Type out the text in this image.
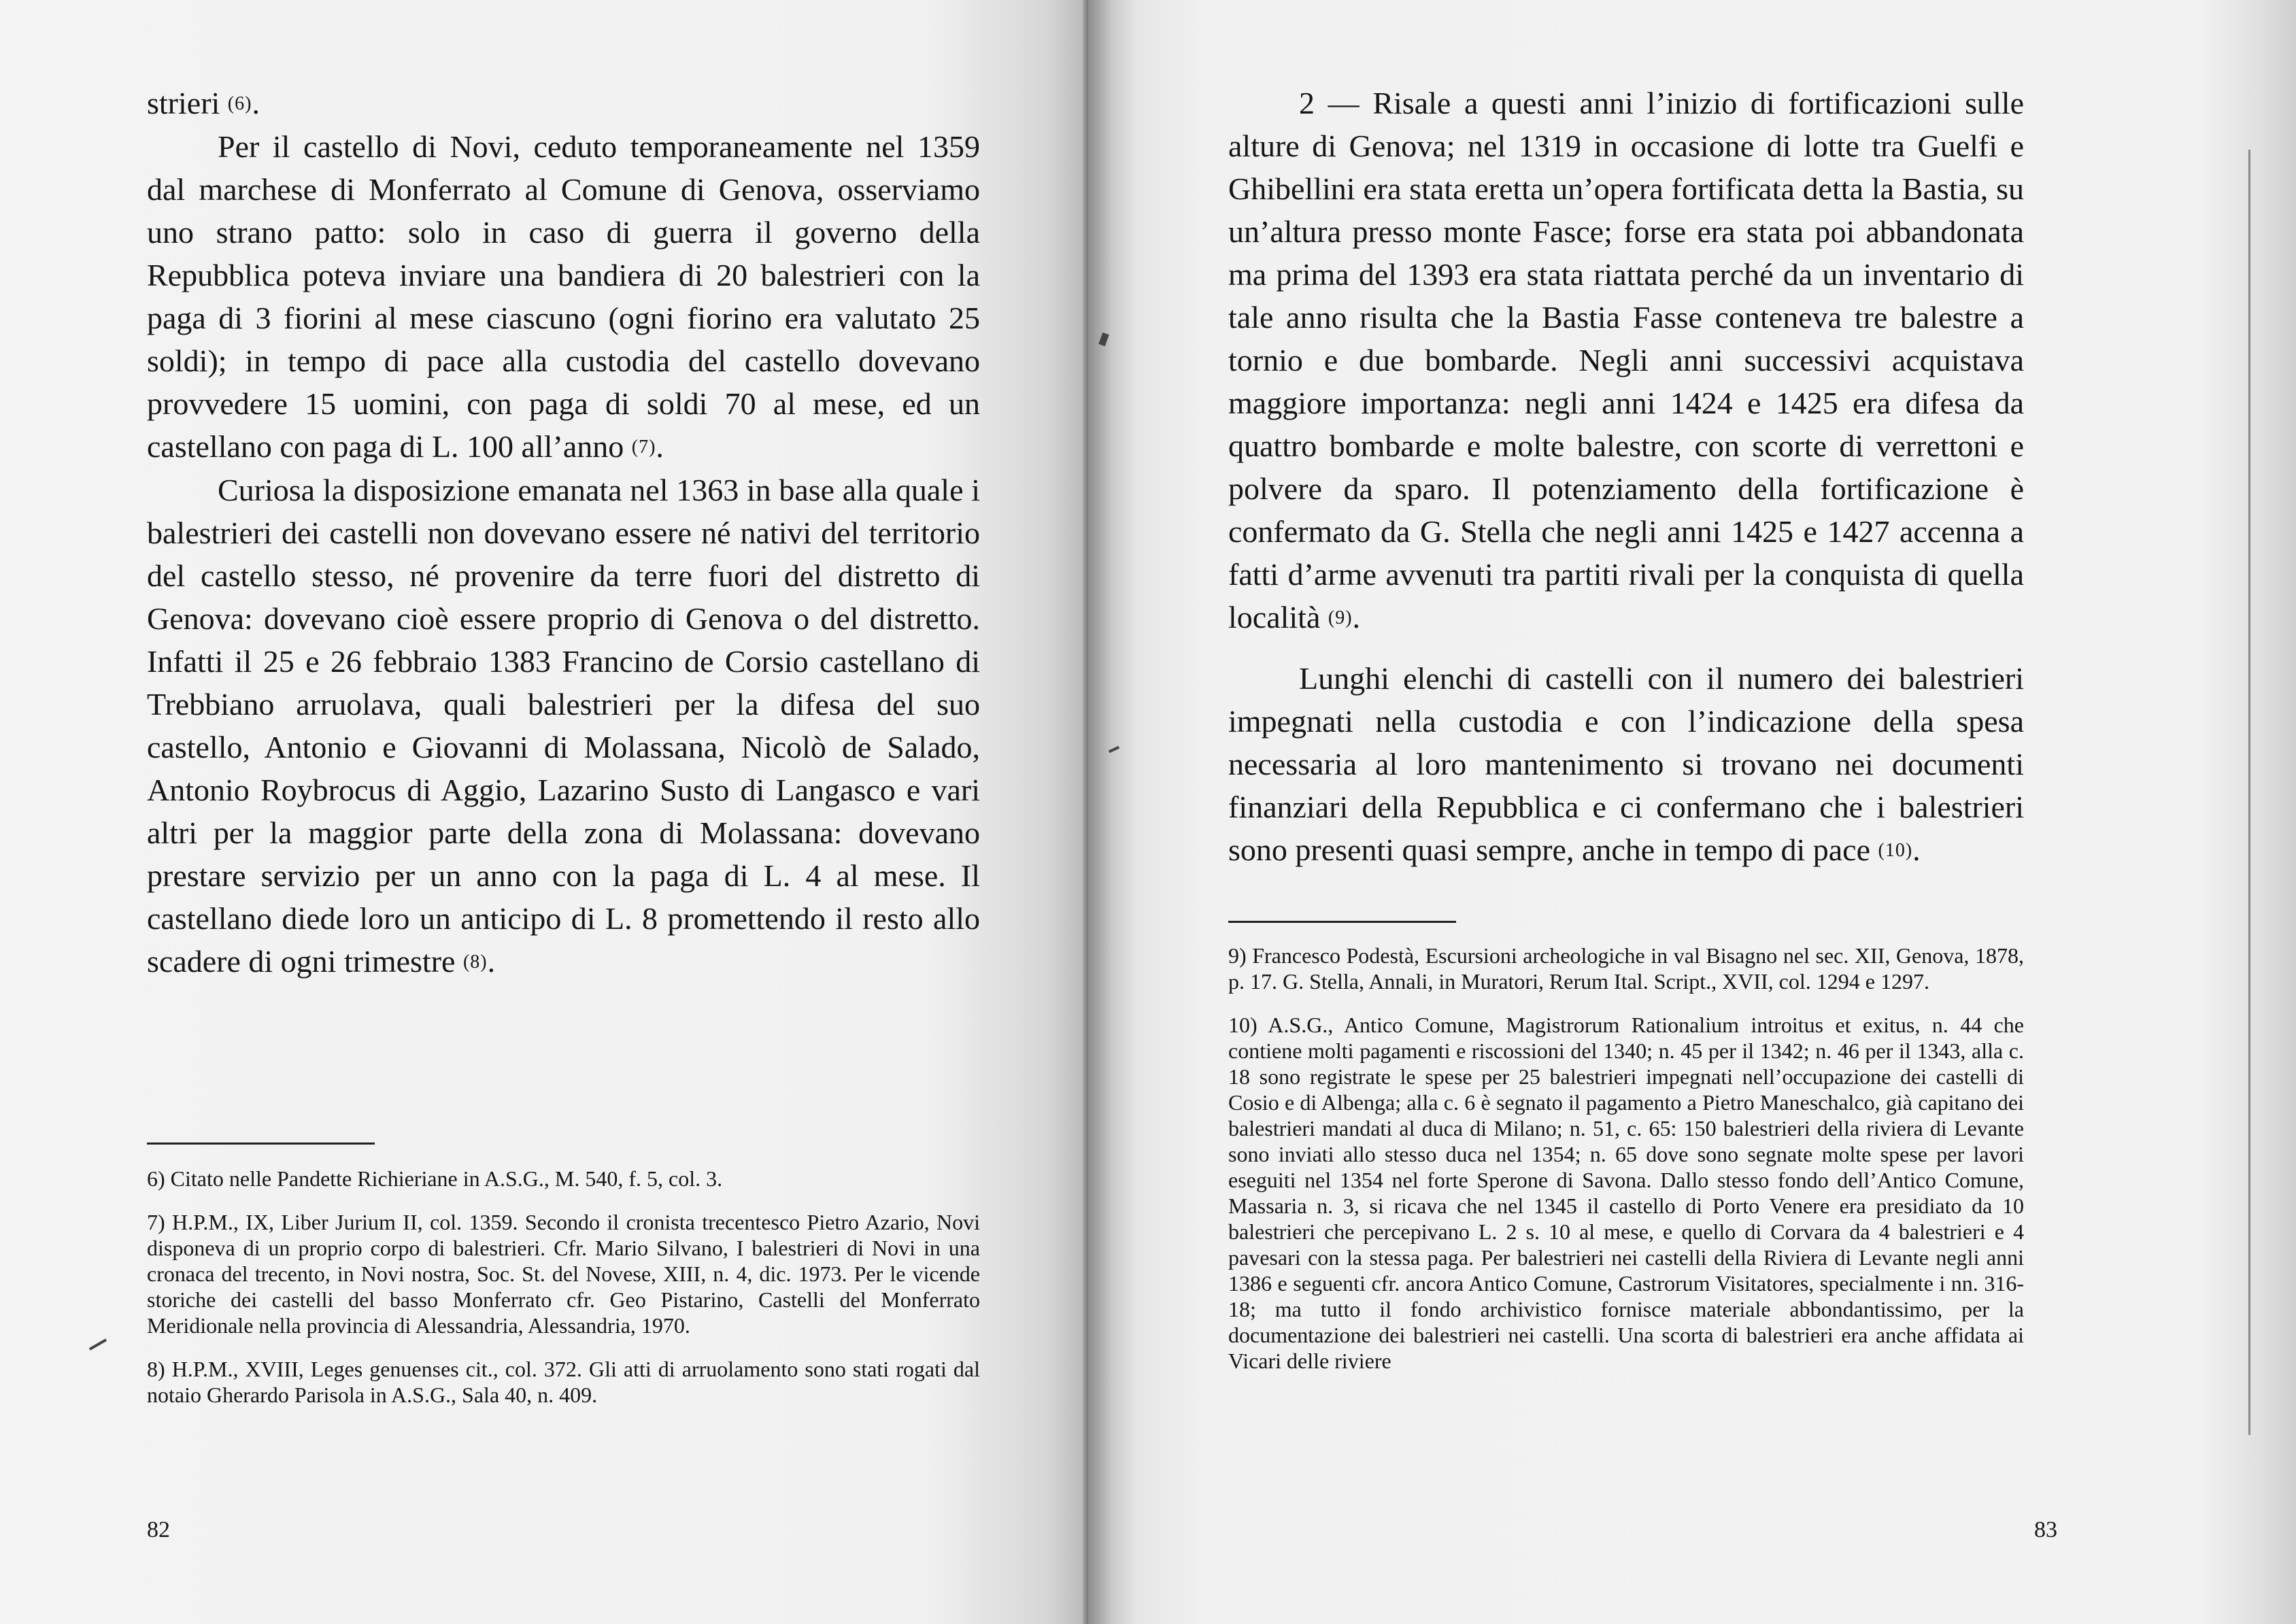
strieri (6).

Per il castello di Novi, ceduto temporaneamente nel 1359 dal marchese di Monferrato al Comune di Genova, osserviamo uno strano patto: solo in caso di guerra il governo della Repubblica poteva inviare una bandiera di 20 balestrieri con la paga di 3 fiorini al mese ciascuno (ogni fiorino era valutato 25 soldi); in tempo di pace alla custodia del castello dovevano provvedere 15 uomini, con paga di soldi 70 al mese, ed un castellano con paga di L. 100 all’anno (7).

Curiosa la disposizione emanata nel 1363 in base alla quale i balestrieri dei castelli non dovevano essere né nativi del territorio del castello stesso, né provenire da terre fuori del distretto di Genova: dovevano cioè essere proprio di Genova o del distretto. Infatti il 25 e 26 febbraio 1383 Francino de Corsio castellano di Trebbiano arruolava, quali balestrieri per la difesa del suo castello, Antonio e Giovanni di Molassana, Nicolò de Salado, Antonio Roybrocus di Aggio, Lazarino Susto di Langasco e vari altri per la maggior parte della zona di Molassana: dovevano prestare servizio per un anno con la paga di L. 4 al mese. Il castellano diede loro un anticipo di L. 8 promettendo il resto allo scadere di ogni trimestre (8).

6) Citato nelle Pandette Richieriane in A.S.G., M. 540, f. 5, col. 3.

7) H.P.M., IX, Liber Jurium II, col. 1359. Secondo il cronista trecentesco Pietro Azario, Novi disponeva di un proprio corpo di balestrieri. Cfr. Mario Silvano, I balestrieri di Novi in una cronaca del trecento, in Novi nostra, Soc. St. del Novese, XIII, n. 4, dic. 1973. Per le vicende storiche dei castelli del basso Monferrato cfr. Geo Pistarino, Castelli del Monferrato Meridionale nella provincia di Alessandria, Alessandria, 1970.

8) H.P.M., XVIII, Leges genuenses cit., col. 372. Gli atti di arruolamento sono stati rogati dal notaio Gherardo Parisola in A.S.G., Sala 40, n. 409.

82

2 — Risale a questi anni l’inizio di fortificazioni sulle alture di Genova; nel 1319 in occasione di lotte tra Guelfi e Ghibellini era stata eretta un’opera fortificata detta la Bastia, su un’altura presso monte Fasce; forse era stata poi abbandonata ma prima del 1393 era stata riattata perché da un inventario di tale anno risulta che la Bastia Fasse conteneva tre balestre a tornio e due bombarde. Negli anni successivi acquistava maggiore importanza: negli anni 1424 e 1425 era difesa da quattro bombarde e molte balestre, con scorte di verrettoni e polvere da sparo. Il potenziamento della fortificazione è confermato da G. Stella che negli anni 1425 e 1427 accenna a fatti d’arme avvenuti tra partiti rivali per la conquista di quella località (9).

Lunghi elenchi di castelli con il numero dei balestrieri impegnati nella custodia e con l’indicazione della spesa necessaria al loro mantenimento si trovano nei documenti finanziari della Repubblica e ci confermano che i balestrieri sono presenti quasi sempre, anche in tempo di pace (10).

9) Francesco Podestà, Escursioni archeologiche in val Bisagno nel sec. XII, Genova, 1878, p. 17. G. Stella, Annali, in Muratori, Rerum Ital. Script., XVII, col. 1294 e 1297.

10) A.S.G., Antico Comune, Magistrorum Rationalium introitus et exitus, n. 44 che contiene molti pagamenti e riscossioni del 1340; n. 45 per il 1342; n. 46 per il 1343, alla c. 18 sono registrate le spese per 25 balestrieri impegnati nell’occupazione dei castelli di Cosio e di Albenga; alla c. 6 è segnato il pagamento a Pietro Maneschalco, già capitano dei balestrieri mandati al duca di Milano; n. 51, c. 65: 150 balestrieri della riviera di Levante sono inviati allo stesso duca nel 1354; n. 65 dove sono segnate molte spese per lavori eseguiti nel 1354 nel forte Sperone di Savona. Dallo stesso fondo dell’Antico Comune, Massaria n. 3, si ricava che nel 1345 il castello di Porto Venere era presidiato da 10 balestrieri che percepivano L. 2 s. 10 al mese, e quello di Corvara da 4 balestrieri e 4 pavesari con la stessa paga. Per balestrieri nei castelli della Riviera di Levante negli anni 1386 e seguenti cfr. ancora Antico Comune, Castrorum Visitatores, specialmente i nn. 316-18; ma tutto il fondo archivistico fornisce materiale abbondantissimo, per la documentazione dei balestrieri nei castelli. Una scorta di balestrieri era anche affidata ai Vicari delle riviere

83
